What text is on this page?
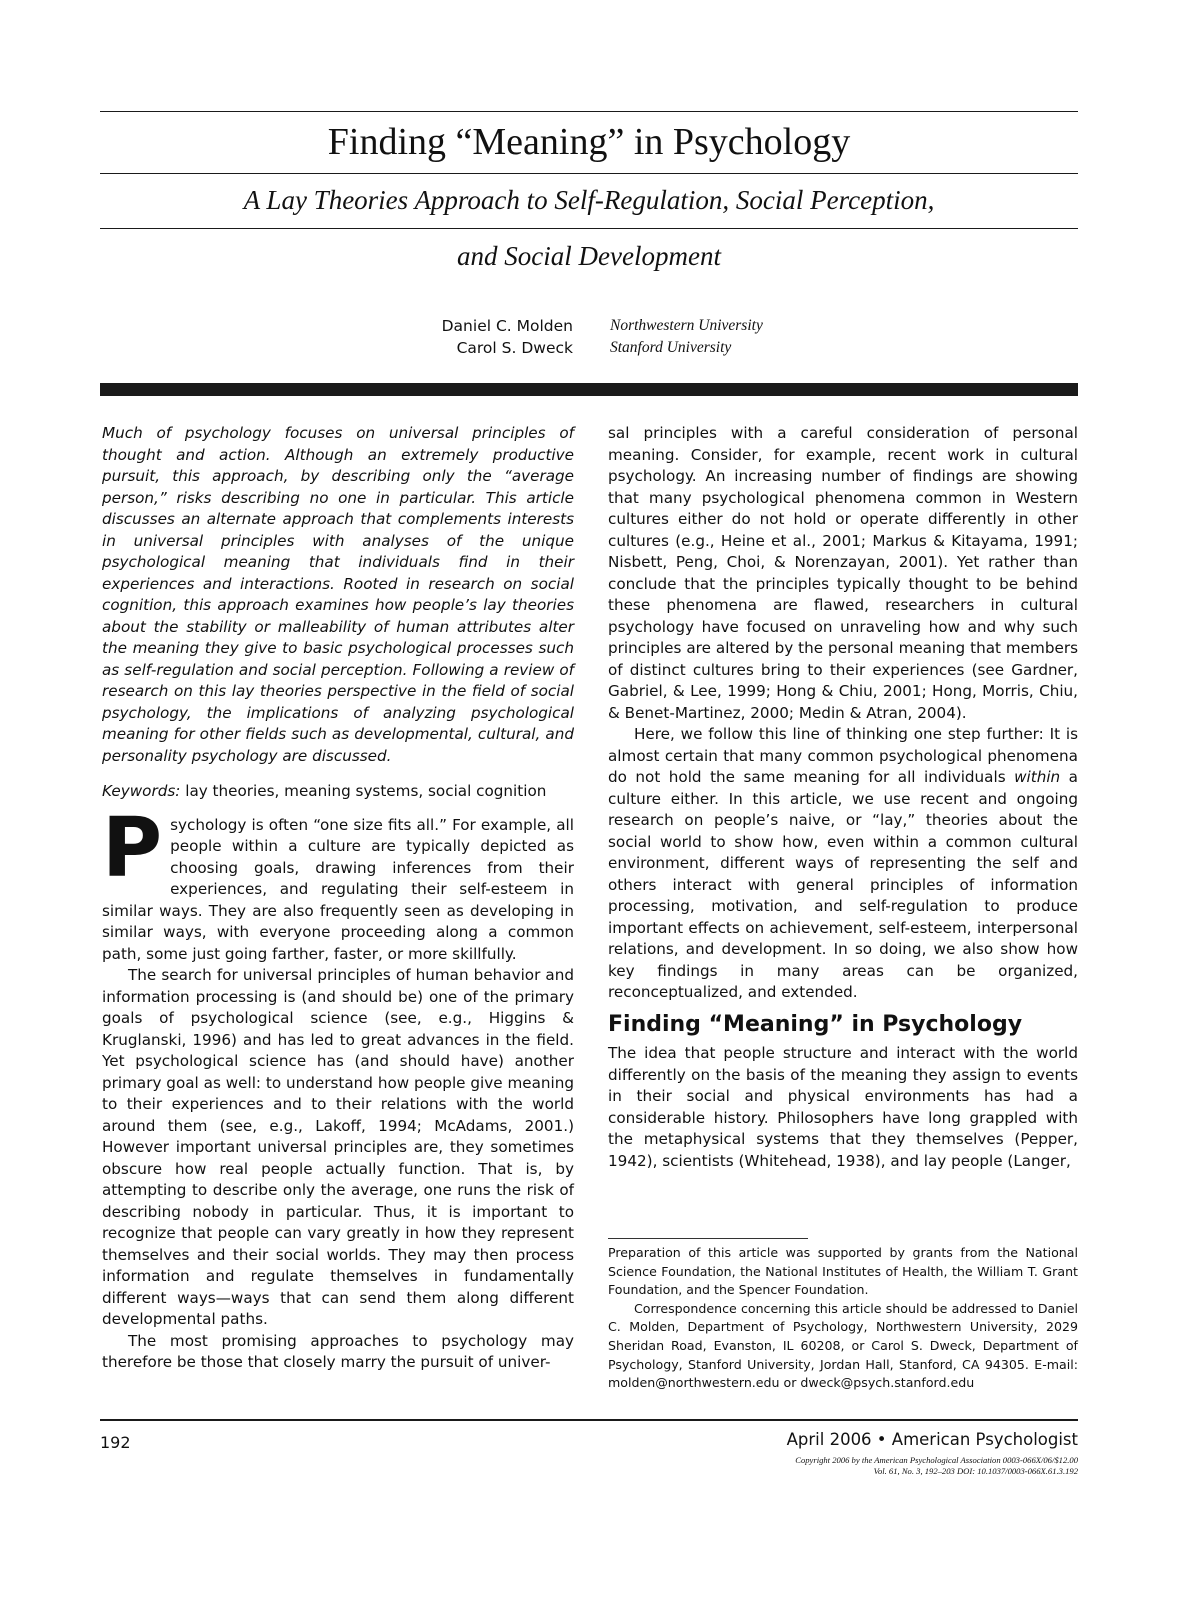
Finding “Meaning” in Psychology
A Lay Theories Approach to Self-Regulation, Social Perception,
and Social Development
Daniel C. Molden Northwestern University
Carol S. Dweck Stanford University

Much of psychology focuses on universal principles of thought and action. Although an extremely productive pursuit, this approach, by describing only the “average person,” risks describing no one in particular. This article discusses an alternate approach that complements interests in universal principles with analyses of the unique psychological meaning that individuals find in their experiences and interactions. Rooted in research on social cognition, this approach examines how people’s lay theories about the stability or malleability of human attributes alter the meaning they give to basic psychological processes such as self-regulation and social perception. Following a review of research on this lay theories perspective in the field of social psychology, the implications of analyzing psychological meaning for other fields such as developmental, cultural, and personality psychology are discussed.

Keywords: lay theories, meaning systems, social cognition

Psychology is often “one size fits all.” For example, all people within a culture are typically depicted as choosing goals, drawing inferences from their experiences, and regulating their self-esteem in similar ways. They are also frequently seen as developing in similar ways, with everyone proceeding along a common path, some just going farther, faster, or more skillfully.

The search for universal principles of human behavior and information processing is (and should be) one of the primary goals of psychological science (see, e.g., Higgins & Kruglanski, 1996) and has led to great advances in the field. Yet psychological science has (and should have) another primary goal as well: to understand how people give meaning to their experiences and to their relations with the world around them (see, e.g., Lakoff, 1994; McAdams, 2001.) However important universal principles are, they sometimes obscure how real people actually function. That is, by attempting to describe only the average, one runs the risk of describing nobody in particular. Thus, it is important to recognize that people can vary greatly in how they represent themselves and their social worlds. They may then process information and regulate themselves in fundamentally different ways—ways that can send them along different developmental paths.

The most promising approaches to psychology may therefore be those that closely marry the pursuit of univer-

sal principles with a careful consideration of personal meaning. Consider, for example, recent work in cultural psychology. An increasing number of findings are showing that many psychological phenomena common in Western cultures either do not hold or operate differently in other cultures (e.g., Heine et al., 2001; Markus & Kitayama, 1991; Nisbett, Peng, Choi, & Norenzayan, 2001). Yet rather than conclude that the principles typically thought to be behind these phenomena are flawed, researchers in cultural psychology have focused on unraveling how and why such principles are altered by the personal meaning that members of distinct cultures bring to their experiences (see Gardner, Gabriel, & Lee, 1999; Hong & Chiu, 2001; Hong, Morris, Chiu, & Benet-Martinez, 2000; Medin & Atran, 2004).

Here, we follow this line of thinking one step further: It is almost certain that many common psychological phenomena do not hold the same meaning for all individuals within a culture either. In this article, we use recent and ongoing research on people’s naive, or “lay,” theories about the social world to show how, even within a common cultural environment, different ways of representing the self and others interact with general principles of information processing, motivation, and self-regulation to produce important effects on achievement, self-esteem, interpersonal relations, and development. In so doing, we also show how key findings in many areas can be organized, reconceptualized, and extended.

Finding “Meaning” in Psychology

The idea that people structure and interact with the world differently on the basis of the meaning they assign to events in their social and physical environments has had a considerable history. Philosophers have long grappled with the metaphysical systems that they themselves (Pepper, 1942), scientists (Whitehead, 1938), and lay people (Langer,

Preparation of this article was supported by grants from the National Science Foundation, the National Institutes of Health, the William T. Grant Foundation, and the Spencer Foundation.

Correspondence concerning this article should be addressed to Daniel C. Molden, Department of Psychology, Northwestern University, 2029 Sheridan Road, Evanston, IL 60208, or Carol S. Dweck, Department of Psychology, Stanford University, Jordan Hall, Stanford, CA 94305. E-mail: molden@northwestern.edu or dweck@psych.stanford.edu

192	April 2006 • American Psychologist
Copyright 2006 by the American Psychological Association 0003-066X/06/$12.00
Vol. 61, No. 3, 192–203 DOI: 10.1037/0003-066X.61.3.192
